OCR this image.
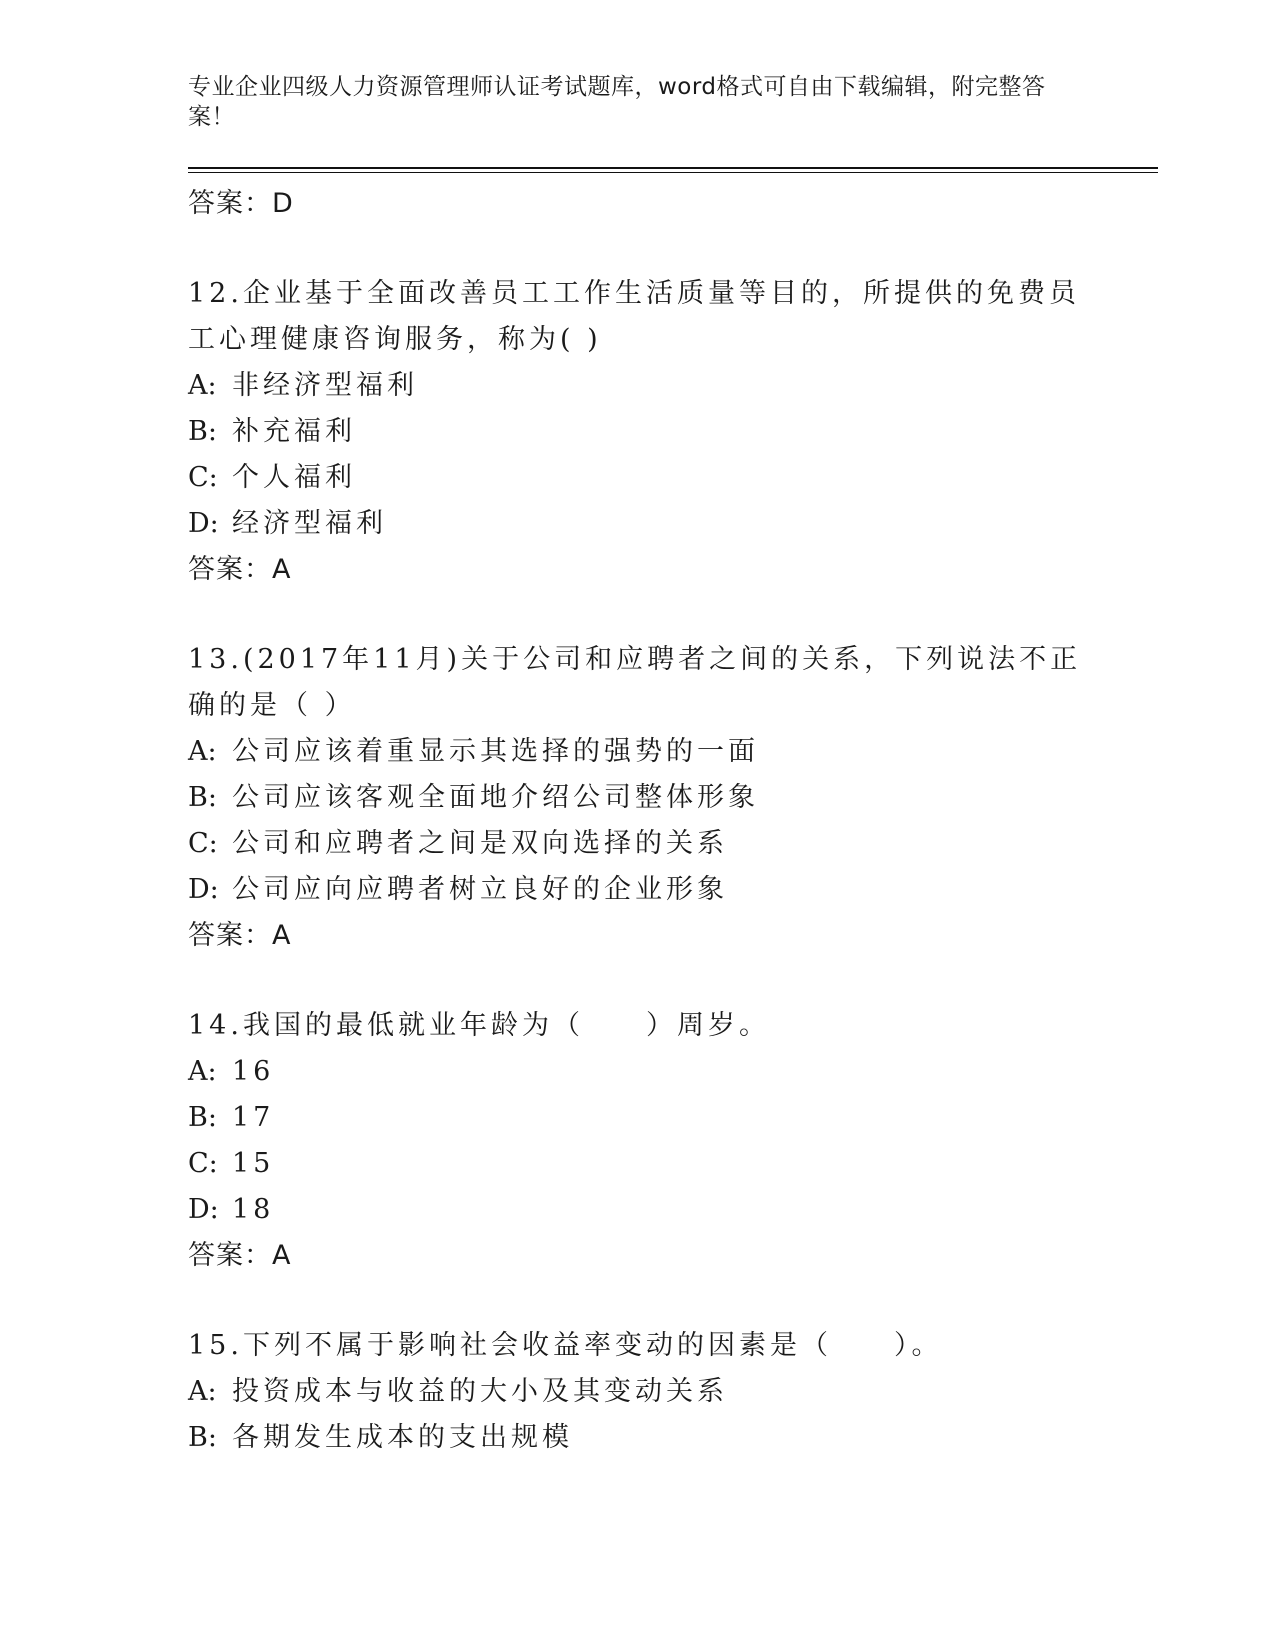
专业企业四级人力资源管理师认证考试题库，word格式可自由下载编辑，附完整答案！
答案：D
12.企业基于全面改善员工工作生活质量等目的，所提供的免费员工心理健康咨询服务，称为( )
A: 非经济型福利
B: 补充福利
C: 个人福利
D: 经济型福利
答案：A
13.(2017年11月)关于公司和应聘者之间的关系，下列说法不正确的是（ ）
A: 公司应该着重显示其选择的强势的一面
B: 公司应该客观全面地介绍公司整体形象
C: 公司和应聘者之间是双向选择的关系
D: 公司应向应聘者树立良好的企业形象
答案：A
14.我国的最低就业年龄为（　　）周岁。
A: 16
B: 17
C: 15
D: 18
答案：A
15.下列不属于影响社会收益率变动的因素是（　　）。
A: 投资成本与收益的大小及其变动关系
B: 各期发生成本的支出规模
